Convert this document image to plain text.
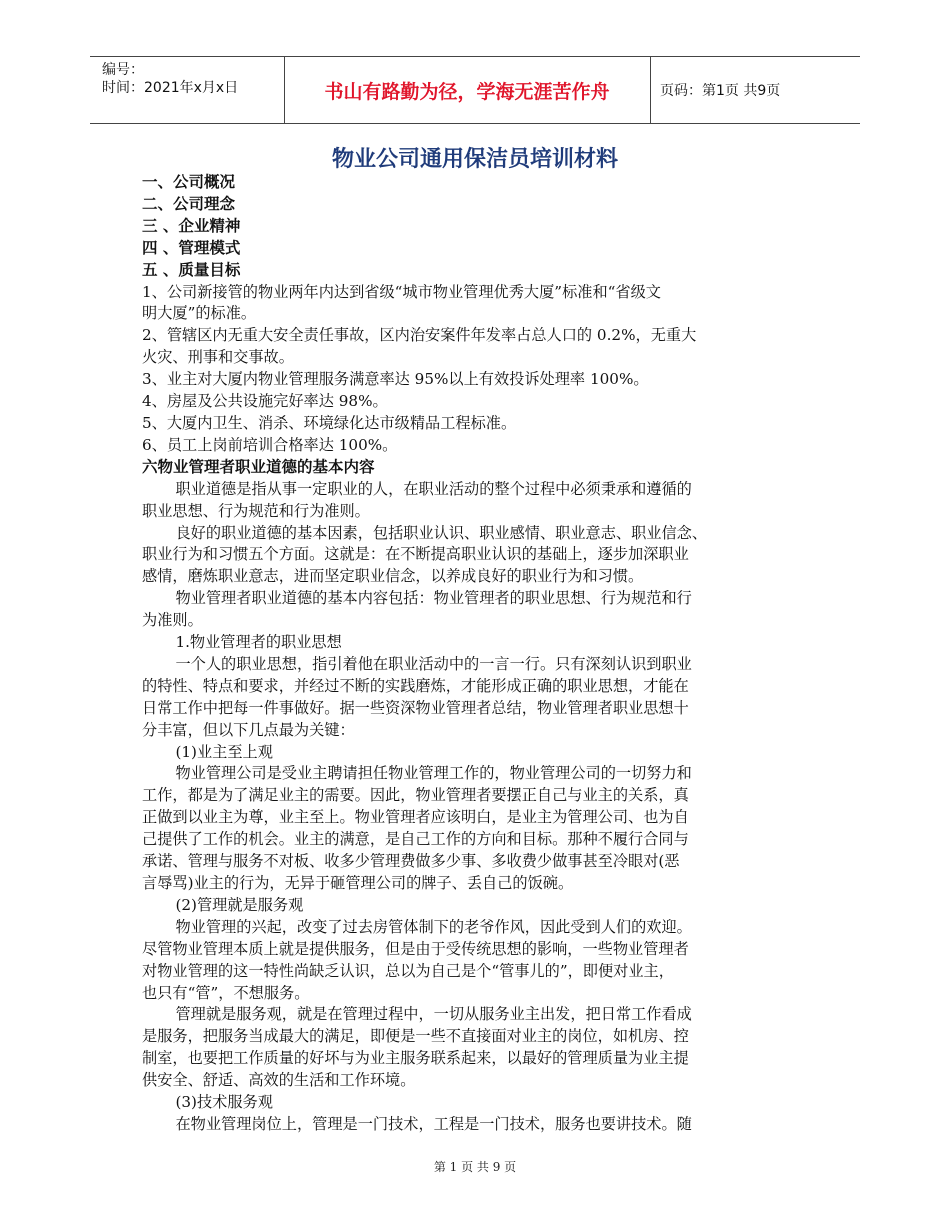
编号：
时间：2021年x月x日	书山有路勤为径，学海无涯苦作舟	页码：第1页 共9页
物业公司通用保洁员培训材料

一、公司概况

二、公司理念

三 、企业精神

四 、管理模式

五 、质量目标

1、公司新接管的物业两年内达到省级“城市物业管理优秀大厦”标准和“省级文
明大厦”的标准。
2、管辖区内无重大安全责任事故，区内治安案件年发率占总人口的 0.2%，无重大
火灾、刑事和交事故。
3、业主对大厦内物业管理服务满意率达 95%以上有效投诉处理率 100%。
4、房屋及公共设施完好率达 98%。
5、大厦内卫生、消杀、环境绿化达市级精品工程标准。
6、员工上岗前培训合格率达 100%。

六物业管理者职业道德的基本内容

职业道德是指从事一定职业的人，在职业活动的整个过程中必须秉承和遵循的
职业思想、行为规范和行为准则。

良好的职业道德的基本因素，包括职业认识、职业感情、职业意志、职业信念、
职业行为和习惯五个方面。这就是：在不断提高职业认识的基础上，逐步加深职业
感情，磨炼职业意志，进而坚定职业信念，以养成良好的职业行为和习惯。

物业管理者职业道德的基本内容包括：物业管理者的职业思想、行为规范和行
为准则。

1.物业管理者的职业思想

一个人的职业思想，指引着他在职业活动中的一言一行。只有深刻认识到职业
的特性、特点和要求，并经过不断的实践磨炼，才能形成正确的职业思想，才能在
日常工作中把每一件事做好。据一些资深物业管理者总结，物业管理者职业思想十
分丰富，但以下几点最为关键：

(1)业主至上观

物业管理公司是受业主聘请担任物业管理工作的，物业管理公司的一切努力和
工作，都是为了满足业主的需要。因此，物业管理者要摆正自己与业主的关系，真
正做到以业主为尊，业主至上。物业管理者应该明白，是业主为管理公司、也为自
己提供了工作的机会。业主的满意，是自己工作的方向和目标。那种不履行合同与
承诺、管理与服务不对板、收多少管理费做多少事、多收费少做事甚至冷眼对(恶
言辱骂)业主的行为，无异于砸管理公司的牌子、丢自己的饭碗。

(2)管理就是服务观

物业管理的兴起，改变了过去房管体制下的老爷作风，因此受到人们的欢迎。
尽管物业管理本质上就是提供服务，但是由于受传统思想的影响，一些物业管理者
对物业管理的这一特性尚缺乏认识，总以为自己是个“管事儿的”，即便对业主，
也只有“管”，不想服务。

管理就是服务观，就是在管理过程中，一切从服务业主出发，把日常工作看成
是服务，把服务当成最大的满足，即便是一些不直接面对业主的岗位，如机房、控
制室，也要把工作质量的好坏与为业主服务联系起来，以最好的管理质量为业主提
供安全、舒适、高效的生活和工作环境。

(3)技术服务观

在物业管理岗位上，管理是一门技术，工程是一门技术，服务也要讲技术。随

第 1 页 共 9 页
